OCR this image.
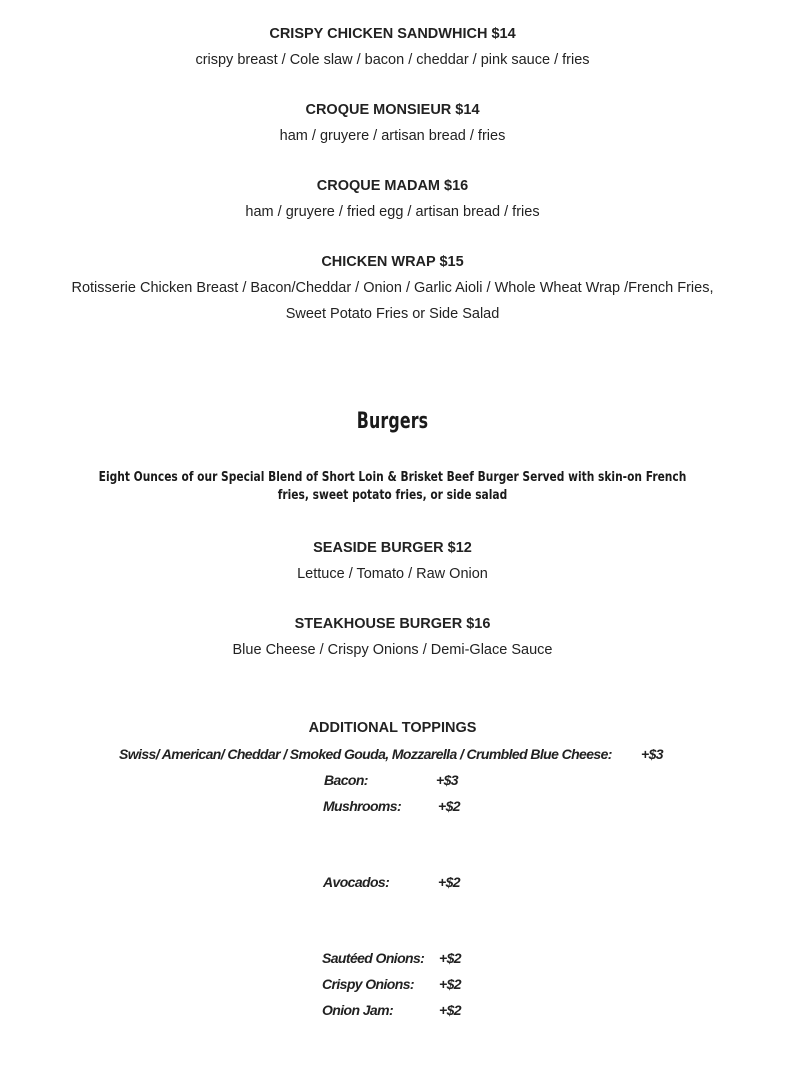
CRISPY CHICKEN SANDWHICH $14
crispy breast / Cole slaw / bacon / cheddar / pink sauce / fries
CROQUE MONSIEUR $14
ham / gruyere / artisan bread / fries
CROQUE MADAM $16
ham / gruyere / fried egg / artisan bread / fries
CHICKEN WRAP $15
Rotisserie Chicken Breast / Bacon/Cheddar / Onion / Garlic Aioli / Whole Wheat Wrap /French Fries,
Sweet Potato Fries or Side Salad
Burgers
Eight Ounces of our Special Blend of Short Loin & Brisket Beef Burger Served with skin-on French fries, sweet potato fries, or side salad
SEASIDE BURGER $12
Lettuce / Tomato / Raw Onion
STEAKHOUSE BURGER $16
Blue Cheese / Crispy Onions / Demi-Glace Sauce
ADDITIONAL TOPPINGS
Swiss/ American/ Cheddar / Smoked Gouda, Mozzarella / Crumbled Blue Cheese: +$3
Bacon:	+$3
Mushrooms:	+$2
Avocados:	+$2
Sautéed Onions: +$2
Crispy Onions: +$2
Onion Jam:	+$2
